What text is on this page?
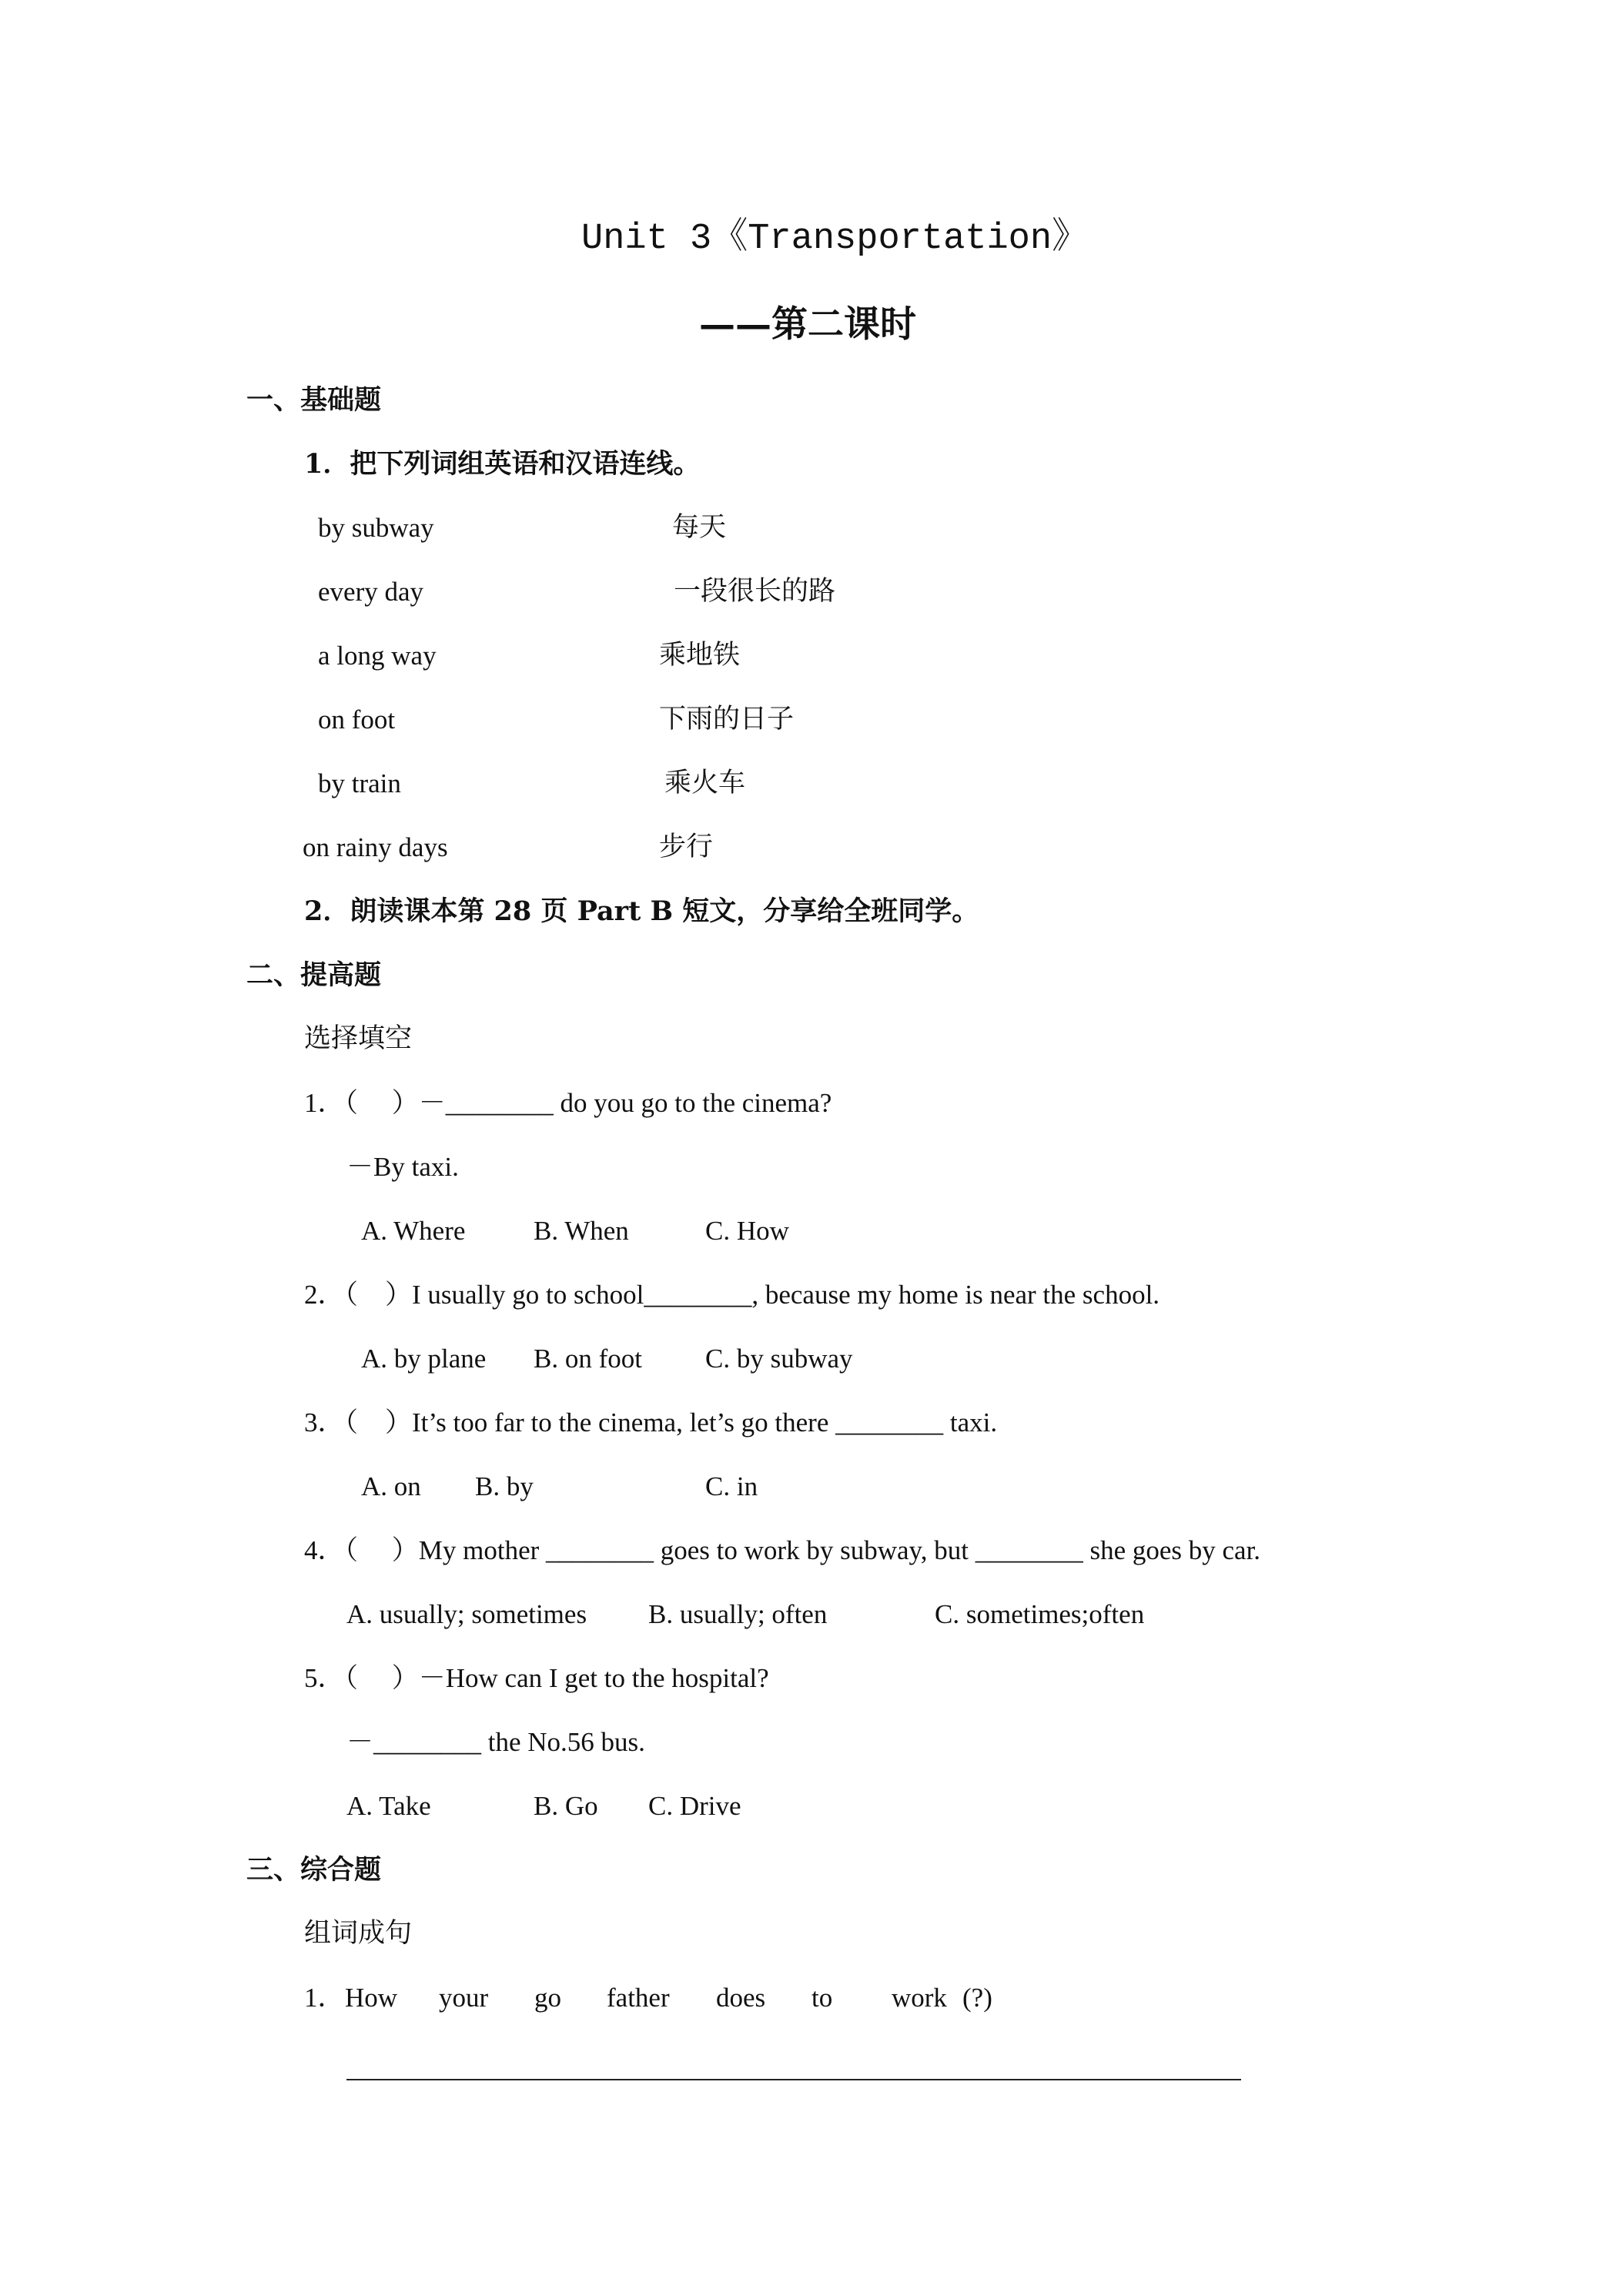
Unit 3《Transportation》
——第二课时
一、基础题
1．把下列词组英语和汉语连线。
by subway	每天
every day	一段很长的路
a long way	乘地铁
on foot	下雨的日子
by train	乘火车
on rainy days	步行
2．朗读课本第 28 页 Part B 短文，分享给全班同学。
二、提高题
选择填空
1．（　 ）－________ do you go to the cinema?
－By taxi.
A. Where	B. When	C. How
2．（　）I usually go to school________, because my home is near the school.
A. by plane B. on foot C. by subway
3．（　）It’s too far to the cinema, let’s go there ________ taxi.
A. on B. by	C. in
4．（　 ）My mother ________ goes to work by subway, but ________ she goes by car.
A. usually; sometimes B. usually; often	C. sometimes;often
5．（　 ）－How can I get to the hospital?
－________ the No.56 bus.
A. Take	B. Go C. Drive
三、综合题
组词成句
1． How your go father does to work (?)
